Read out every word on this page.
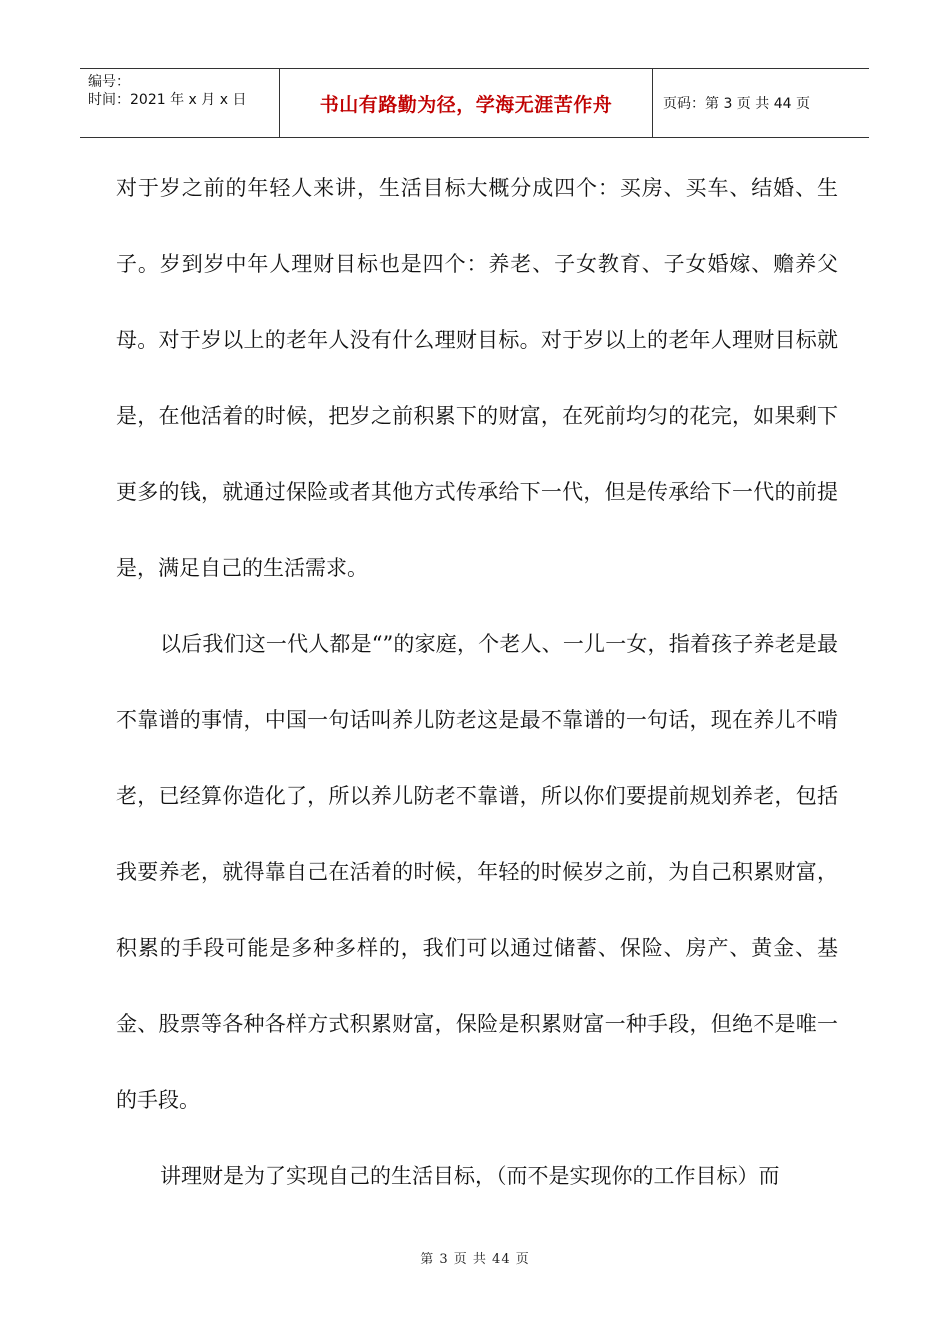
编号：
时间：2021 年 x 月 x 日	书山有路勤为径，学海无涯苦作舟	页码：第 3 页 共 44 页

对于岁之前的年轻人来讲，生活目标大概分成四个：买房、买车、结婚、生子。岁到岁中年人理财目标也是四个：养老、子女教育、子女婚嫁、赡养父母。对于岁以上的老年人没有什么理财目标。对于岁以上的老年人理财目标就是，在他活着的时候，把岁之前积累下的财富，在死前均匀的花完，如果剩下更多的钱，就通过保险或者其他方式传承给下一代，但是传承给下一代的前提是，满足自己的生活需求。

以后我们这一代人都是“”的家庭，个老人、一儿一女，指着孩子养老是最不靠谱的事情，中国一句话叫养儿防老这是最不靠谱的一句话，现在养儿不啃老，已经算你造化了，所以养儿防老不靠谱，所以你们要提前规划养老，包括我要养老，就得靠自己在活着的时候，年轻的时候岁之前，为自己积累财富，积累的手段可能是多种多样的，我们可以通过储蓄、保险、房产、黄金、基金、股票等各种各样方式积累财富，保险是积累财富一种手段，但绝不是唯一的手段。

讲理财是为了实现自己的生活目标，（而不是实现你的工作目标）而

第 3 页 共 44 页
